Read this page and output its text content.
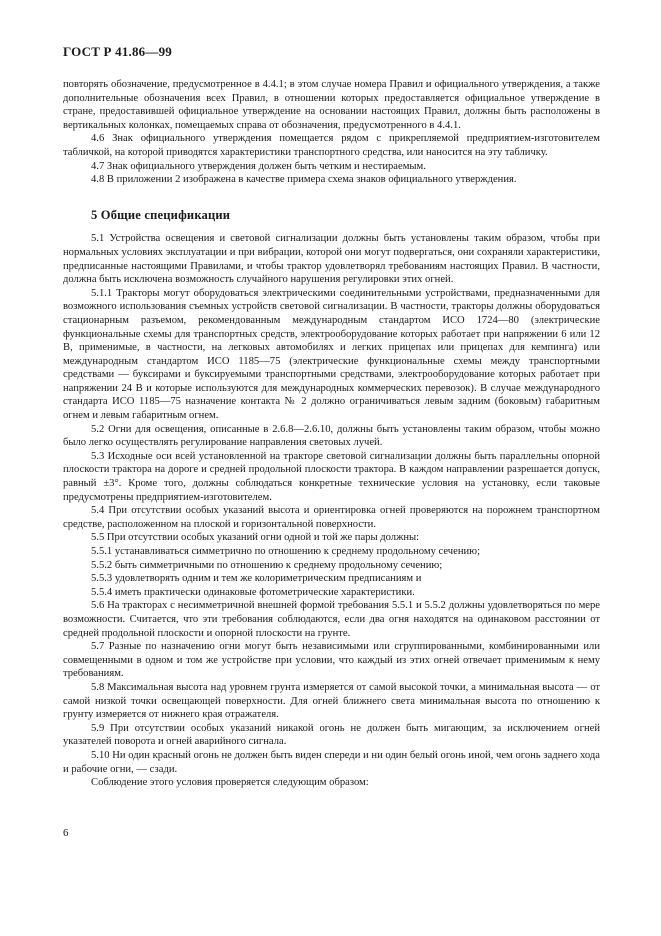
ГОСТ Р 41.86—99

повторять обозначение, предусмотренное в 4.4.1; в этом случае номера Правил и официального утверждения, а также дополнительные обозначения всех Правил, в отношении которых предоставляется официальное утверждение в стране, предоставившей официальное утверждение на основании настоящих Правил, должны быть расположены в вертикальных колонках, помещаемых справа от обозначения, предусмотренного в 4.4.1.

4.6 Знак официального утверждения помещается рядом с прикрепляемой предприятием-изготовителем табличкой, на которой приводятся характеристики транспортного средства, или наносится на эту табличку.

4.7 Знак официального утверждения должен быть четким и нестираемым.

4.8 В приложении 2 изображена в качестве примера схема знаков официального утверждения.

5 Общие спецификации

5.1 Устройства освещения и световой сигнализации должны быть установлены таким образом, чтобы при нормальных условиях эксплуатации и при вибрации, которой они могут подвергаться, они сохраняли характеристики, предписанные настоящими Правилами, и чтобы трактор удовлетворял требованиям настоящих Правил. В частности, должна быть исключена возможность случайного нарушения регулировки этих огней.

5.1.1 Тракторы могут оборудоваться электрическими соединительными устройствами, предназначенными для возможного использования съемных устройств световой сигнализации. В частности, тракторы должны оборудоваться стационарным разъемом, рекомендованным международным стандартом ИСО 1724—80 (электрические функциональные схемы для транспортных средств, электрооборудование которых работает при напряжении 6 или 12 В, применимые, в частности, на легковых автомобилях и легких прицепах или прицепах для кемпинга) или международным стандартом ИСО 1185—75 (электрические функциональные схемы между транспортными средствами — буксирами и буксируемыми транспортными средствами, электрооборудование которых работает при напряжении 24 В и которые используются для международных коммерческих перевозок). В случае международного стандарта ИСО 1185—75 назначение контакта № 2 должно ограничиваться левым задним (боковым) габаритным огнем и левым габаритным огнем.

5.2 Огни для освещения, описанные в 2.6.8—2.6.10, должны быть установлены таким образом, чтобы можно было легко осуществлять регулирование направления световых лучей.

5.3 Исходные оси всей установленной на тракторе световой сигнализации должны быть параллельны опорной плоскости трактора на дороге и средней продольной плоскости трактора. В каждом направлении разрешается допуск, равный ±3°. Кроме того, должны соблюдаться конкретные технические условия на установку, если таковые предусмотрены предприятием-изготовителем.

5.4 При отсутствии особых указаний высота и ориентировка огней проверяются на порожнем транспортном средстве, расположенном на плоской и горизонтальной поверхности.

5.5 При отсутствии особых указаний огни одной и той же пары должны:

5.5.1 устанавливаться симметрично по отношению к среднему продольному сечению;

5.5.2 быть симметричными по отношению к среднему продольному сечению;

5.5.3 удовлетворять одним и тем же колориметрическим предписаниям и

5.5.4 иметь практически одинаковые фотометрические характеристики.

5.6 На тракторах с несимметричной внешней формой требования 5.5.1 и 5.5.2 должны удовлетворяться по мере возможности. Считается, что эти требования соблюдаются, если два огня находятся на одинаковом расстоянии от средней продольной плоскости и опорной плоскости на грунте.

5.7 Разные по назначению огни могут быть независимыми или сгруппированными, комбинированными или совмещенными в одном и том же устройстве при условии, что каждый из этих огней отвечает применимым к нему требованиям.

5.8 Максимальная высота над уровнем грунта измеряется от самой высокой точки, а минимальная высота — от самой низкой точки освещающей поверхности. Для огней ближнего света минимальная высота по отношению к грунту измеряется от нижнего края отражателя.

5.9 При отсутствии особых указаний никакой огонь не должен быть мигающим, за исключением огней указателей поворота и огней аварийного сигнала.

5.10 Ни один красный огонь не должен быть виден спереди и ни один белый огонь иной, чем огонь заднего хода и рабочие огни, — сзади.

Соблюдение этого условия проверяется следующим образом:

6
